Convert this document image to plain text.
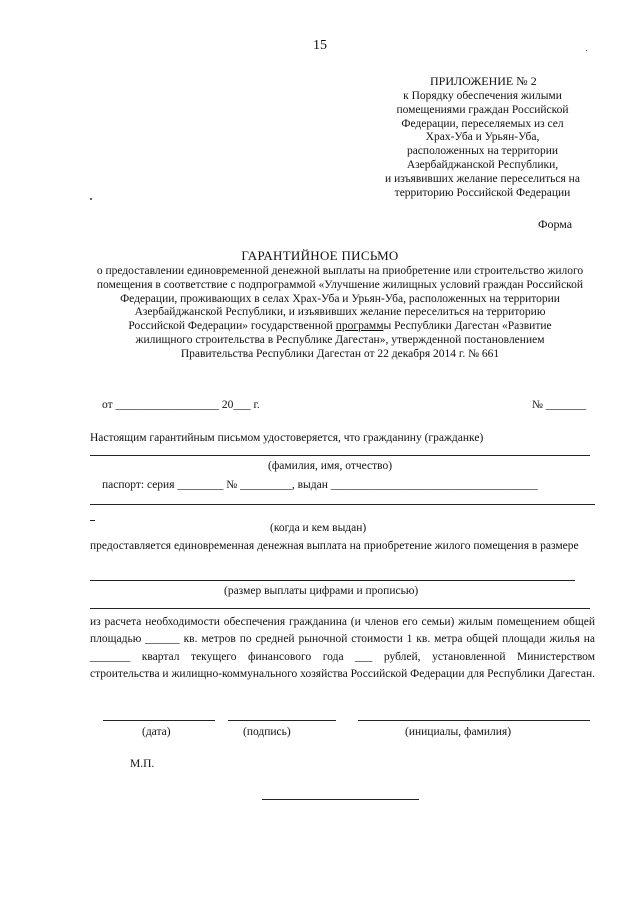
15
ПРИЛОЖЕНИЕ № 2
к Порядку обеспечения жилыми
помещениями граждан Российской
Федерации, переселяемых из сел
Храх-Уба и Урьян-Уба,
расположенных на территории
Азербайджанской Республики,
и изъявивших желание переселиться на
территорию Российской Федерации
Форма
ГАРАНТИЙНОЕ ПИСЬМО
о предоставлении единовременной денежной выплаты на приобретение или строительство жилого
помещения в соответствие с подпрограммой «Улучшение жилищных условий граждан Российской
Федерации, проживающих в селах Храх-Уба и Урьян-Уба, расположенных на территории
Азербайджанской Республики, и изъявивших желание переселиться на территорию
Российской Федерации» государственной программы Республики Дагестан «Развитие
жилищного строительства в Республике Дагестан», утвержденной постановлением
Правительства Республики Дагестан от 22 декабря 2014 г. № 661
от __________________ 20___ г.	№ _______
Настоящим гарантийным письмом удостоверяется, что гражданину (гражданке)
(фамилия, имя, отчество)
паспорт: серия ________ № _________, выдан ____________________________________
(когда и кем выдан)
предоставляется единовременная денежная выплата на приобретение жилого помещения в размере
(размер выплаты цифрами и прописью)
из расчета необходимости обеспечения гражданина (и членов его семьи) жилым помещением общей площадью ______ кв. метров по средней рыночной стоимости 1 кв. метра общей площади жилья на _______ квартал текущего финансового года ___ рублей, установленной Министерством строительства и жилищно-коммунального хозяйства Российской Федерации для Республики Дагестан.
(дата)	(подпись)	(инициалы, фамилия)
М.П.
